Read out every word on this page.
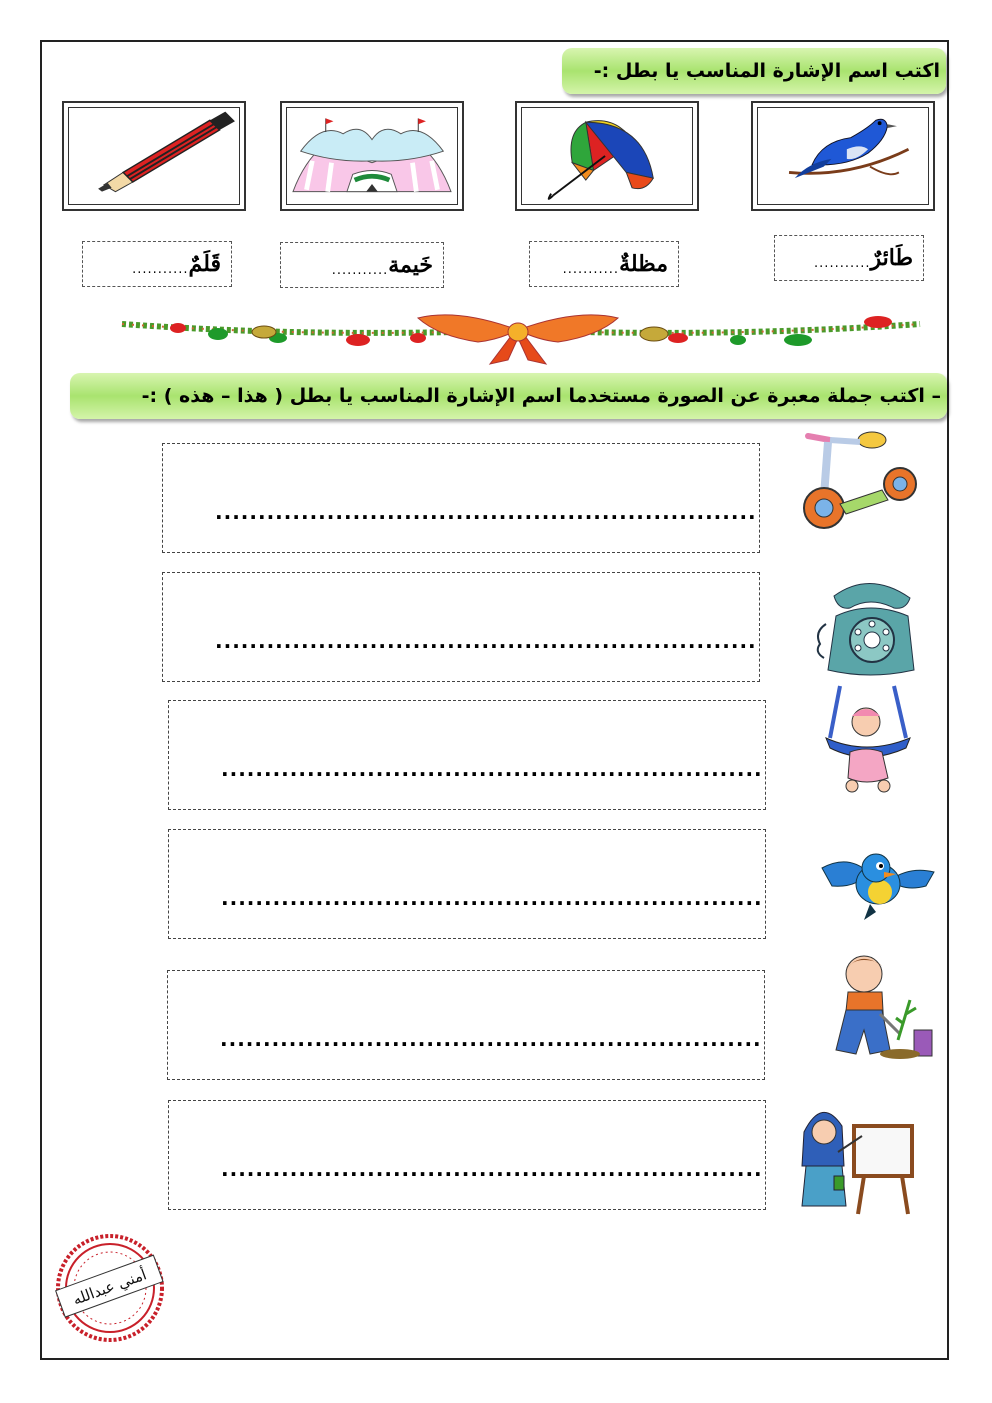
اكتب اسم الإشارة المناسب يا بطل :-
قَلَمٌ
...........	خَيمة
...........	مظلةٌ
...........	طَائرٌ
...........
– اكتب جملة معبرة عن الصورة مستخدما اسم الإشارة المناسب يا بطل ( هذا – هذه ) :-
...............................................................
...............................................................
...............................................................
...............................................................
...............................................................
...............................................................
أمني عبدالله
